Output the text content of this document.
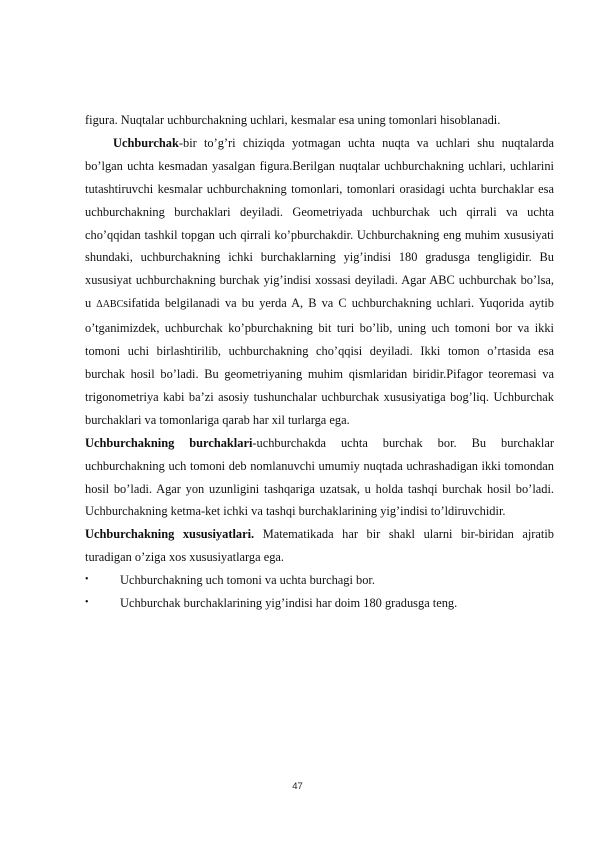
figura. Nuqtalar uchburchakning uchlari, kesmalar esa uning tomonlari hisoblanadi.

Uchburchak-bir to’g’ri chiziqda yotmagan uchta nuqta va uchlari shu nuqtalarda bo’lgan uchta kesmadan yasalgan figura.Berilgan nuqtalar uchburchakning uchlari, uchlarini tutashtiruvchi kesmalar uchburchakning tomonlari, tomonlari orasidagi uchta burchaklar esa uchburchakning burchaklari deyiladi. Geometriyada uchburchak uch qirrali va uchta cho’qqidan tashkil topgan uch qirrali ko’pburchakdir. Uchburchakning eng muhim xususiyati shundaki, uchburchakning ichki burchaklarning yig’indisi 180 gradusga tengligidir. Bu xususiyat uchburchakning burchak yig’indisi xossasi deyiladi. Agar ABC uchburchak bo’lsa, u ΔABCsifatida belgilanadi va bu yerda A, B va C uchburchakning uchlari. Yuqorida aytib o’tganimizdek, uchburchak ko’pburchakning bit turi bo’lib, uning uch tomoni bor va ikki tomoni uchi birlashtirilib, uchburchakning cho’qqisi deyiladi. Ikki tomon o’rtasida esa burchak hosil bo’ladi. Bu geometriyaning muhim qismlaridan biridir.Pifagor teoremasi va trigonometriya kabi ba’zi asosiy tushunchalar uchburchak xususiyatiga bog’liq. Uchburchak burchaklari va tomonlariga qarab har xil turlarga ega.

Uchburchakning burchaklari-uchburchakda uchta burchak bor. Bu burchaklar uchburchakning uch tomoni deb nomlanuvchi umumiy nuqtada uchrashadigan ikki tomondan hosil bo’ladi. Agar yon uzunligini tashqariga uzatsak, u holda tashqi burchak hosil bo’ladi. Uchburchakning ketma-ket ichki va tashqi burchaklarining yig’indisi to’ldiruvchidir.

Uchburchakning xususiyatlari. Matematikada har bir shakl ularni bir-biridan ajratib turadigan o’ziga xos xususiyatlarga ega.

•	Uchburchakning uch tomoni va uchta burchagi bor.
•	Uchburchak burchaklarining yig’indisi har doim 180 gradusga teng.
47
